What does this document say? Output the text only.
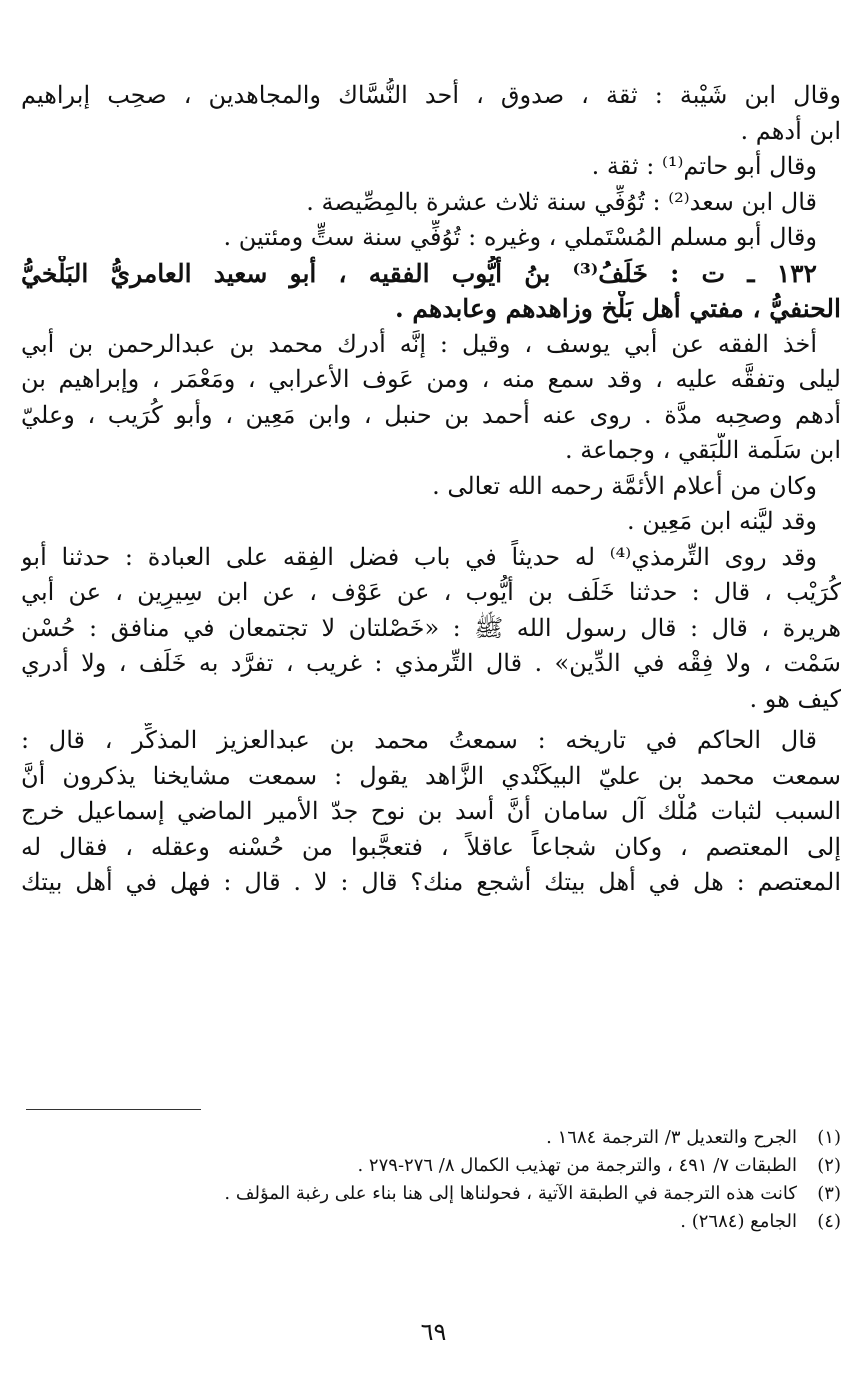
وقال ابن شَيْبة : ثقة ، صدوق ، أحد النُّسَّاك والمجاهدين ، صحِب إبراهيم
ابن أدهم .
وقال أبو حاتم⁽¹⁾ : ثقة .
قال ابن سعد⁽²⁾ : تُوُفِّي سنة ثلاث عشرة بالمِصِّيصة .
وقال أبو مسلم المُسْتَملي ، وغيره : تُوُفِّي سنة ستٍّ ومئتين .
١٣٢ ـ ت : خَلَفُ⁽³⁾ بنُ أيُّوب الفقيه ، أبو سعيد العامريُّ البَلْخيُّ
الحنفيُّ ، مفتي أهل بَلْخ وزاهدهم وعابدهم .
أخذ الفقه عن أبي يوسف ، وقيل : إنَّه أدرك محمد بن عبدالرحمن بن أبي
ليلى وتفقَّه عليه ، وقد سمع منه ، ومن عَوف الأعرابي ، ومَعْمَر ، وإبراهيم بن
أدهم وصحِبه مدَّة . روى عنه أحمد بن حنبل ، وابن مَعِين ، وأبو كُرَيب ، وعليّ
ابن سَلَمة اللَّبَقي ، وجماعة .
وكان من أعلام الأئمَّة رحمه الله تعالى .
وقد ليَّنه ابن مَعِين .
وقد روى التِّرمذي⁽⁴⁾ له حديثاً في باب فضل الفِقه على العبادة : حدثنا أبو
كُرَيْب ، قال : حدثنا خَلَف بن أيُّوب ، عن عَوْف ، عن ابن سِيرِين ، عن أبي
هريرة ، قال : قال رسول الله ﷺ : «خَصْلتان لا تجتمعان في منافق : حُسْن
سَمْت ، ولا فِقْه في الدِّين» . قال التِّرمذي : غريب ، تفرَّد به خَلَف ، ولا أدري
كيف هو .
قال الحاكم في تاريخه : سمعتُ محمد بن عبدالعزيز المذكِّر ، قال :
سمعت محمد بن عليّ البيكَنْدي الزَّاهد يقول : سمعت مشايخنا يذكرون أنَّ
السبب لثبات مُلْك آل سامان أنَّ أسد بن نوح جدّ الأمير الماضي إسماعيل خرج
إلى المعتصم ، وكان شجاعاً عاقلاً ، فتعجَّبوا من حُسْنه وعقله ، فقال له
المعتصم : هل في أهل بيتك أشجع منك؟ قال : لا . قال : فهل في أهل بيتك
(١)
الجرح والتعديل ٣/ الترجمة ١٦٨٤ .
(٢)
الطبقات ٧/ ٤٩١ ، والترجمة من تهذيب الكمال ٨/ ٢٧٦-٢٧٩ .
(٣)
كانت هذه الترجمة في الطبقة الآتية ، فحولناها إلى هنا بناء على رغبة المؤلف .
(٤)
الجامع (٢٦٨٤) .
٦٩
